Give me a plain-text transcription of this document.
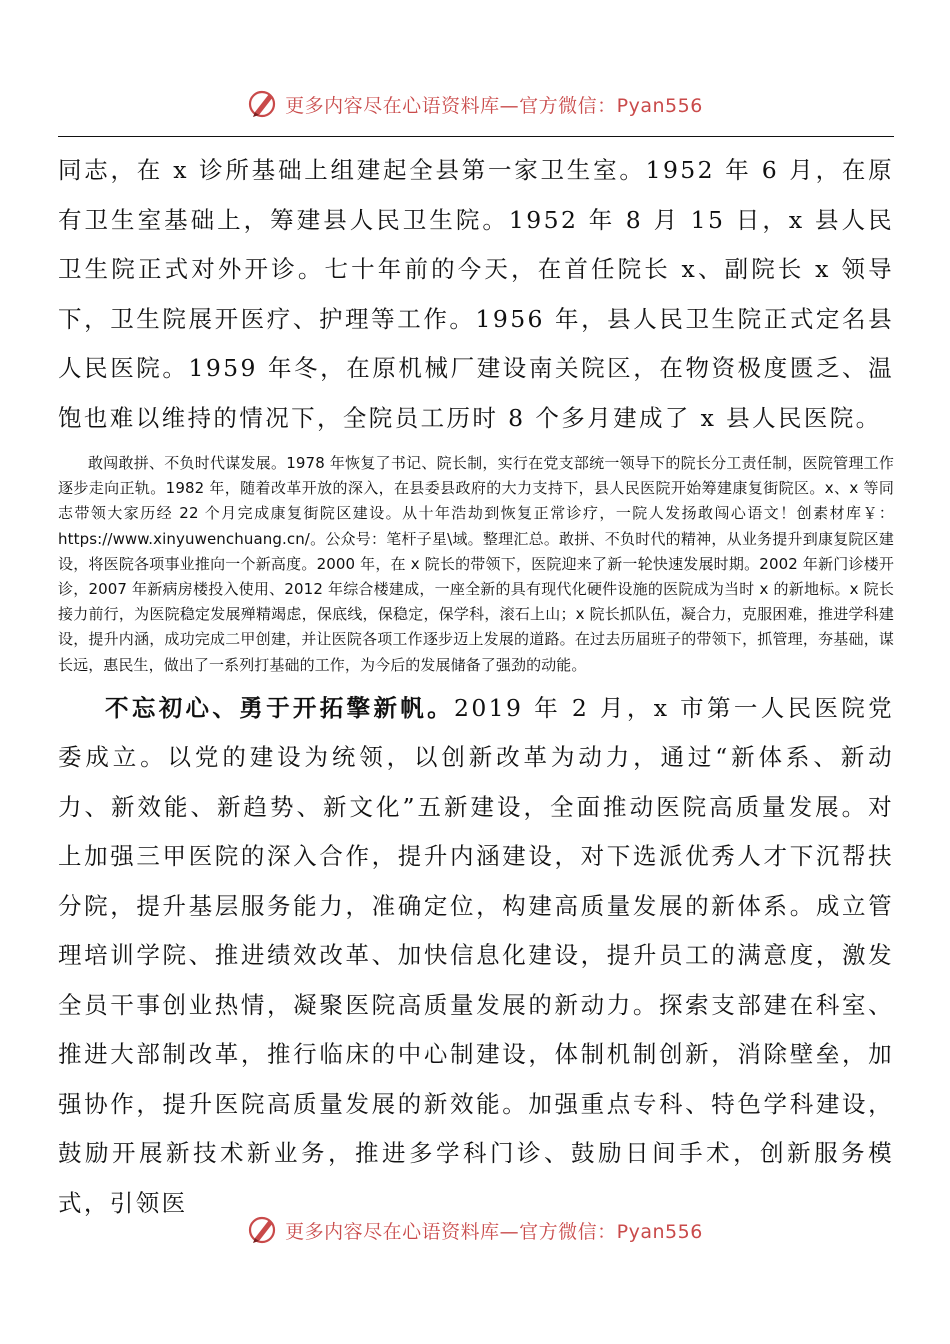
更多内容尽在心语资料库—官方微信：Pyan556

同志，在 x 诊所基础上组建起全县第一家卫生室。1952 年 6 月，在原有卫生室基础上，筹建县人民卫生院。1952 年 8 月 15 日，x 县人民卫生院正式对外开诊。七十年前的今天，在首任院长 x、副院长 x 领导下，卫生院展开医疗、护理等工作。1956 年，县人民卫生院正式定名县人民医院。1959 年冬，在原机械厂建设南关院区，在物资极度匮乏、温饱也难以维持的情况下，全院员工历时 8 个多月建成了 x 县人民医院。

敢闯敢拼、不负时代谋发展。1978 年恢复了书记、院长制，实行在党支部统一领导下的院长分工责任制，医院管理工作逐步走向正轨。1982 年，随着改革开放的深入，在县委县政府的大力支持下，县人民医院开始筹建康复街院区。x、x 等同志带领大家历经 22 个月完成康复街院区建设。从十年浩劫到恢复正常诊疗，一院人发扬敢闯心语文！创素材库￥：https://www.xinyuwenchuang.cn/。公众号：笔杆子星\域。整理汇总。敢拼、不负时代的精神，从业务提升到康复院区建设，将医院各项事业推向一个新高度。2000 年，在 x 院长的带领下，医院迎来了新一轮快速发展时期。2002 年新门诊楼开诊，2007 年新病房楼投入使用、2012 年综合楼建成，一座全新的具有现代化硬件设施的医院成为当时 x 的新地标。x 院长接力前行，为医院稳定发展殚精竭虑，保底线，保稳定，保学科，滚石上山；x 院长抓队伍，凝合力，克服困难，推进学科建设，提升内涵，成功完成二甲创建，并让医院各项工作逐步迈上发展的道路。在过去历届班子的带领下，抓管理，夯基础，谋长远，惠民生，做出了一系列打基础的工作，为今后的发展储备了强劲的动能。

不忘初心、勇于开拓擎新帆。2019 年 2 月，x 市第一人民医院党委成立。以党的建设为统领，以创新改革为动力，通过“新体系、新动力、新效能、新趋势、新文化”五新建设，全面推动医院高质量发展。对上加强三甲医院的深入合作，提升内涵建设，对下选派优秀人才下沉帮扶分院，提升基层服务能力，准确定位，构建高质量发展的新体系。成立管理培训学院、推进绩效改革、加快信息化建设，提升员工的满意度，激发全员干事创业热情，凝聚医院高质量发展的新动力。探索支部建在科室、推进大部制改革，推行临床的中心制建设，体制机制创新，消除壁垒，加强协作，提升医院高质量发展的新效能。加强重点专科、特色学科建设，鼓励开展新技术新业务，推进多学科门诊、鼓励日间手术，创新服务模式，引领医

更多内容尽在心语资料库—官方微信：Pyan556
